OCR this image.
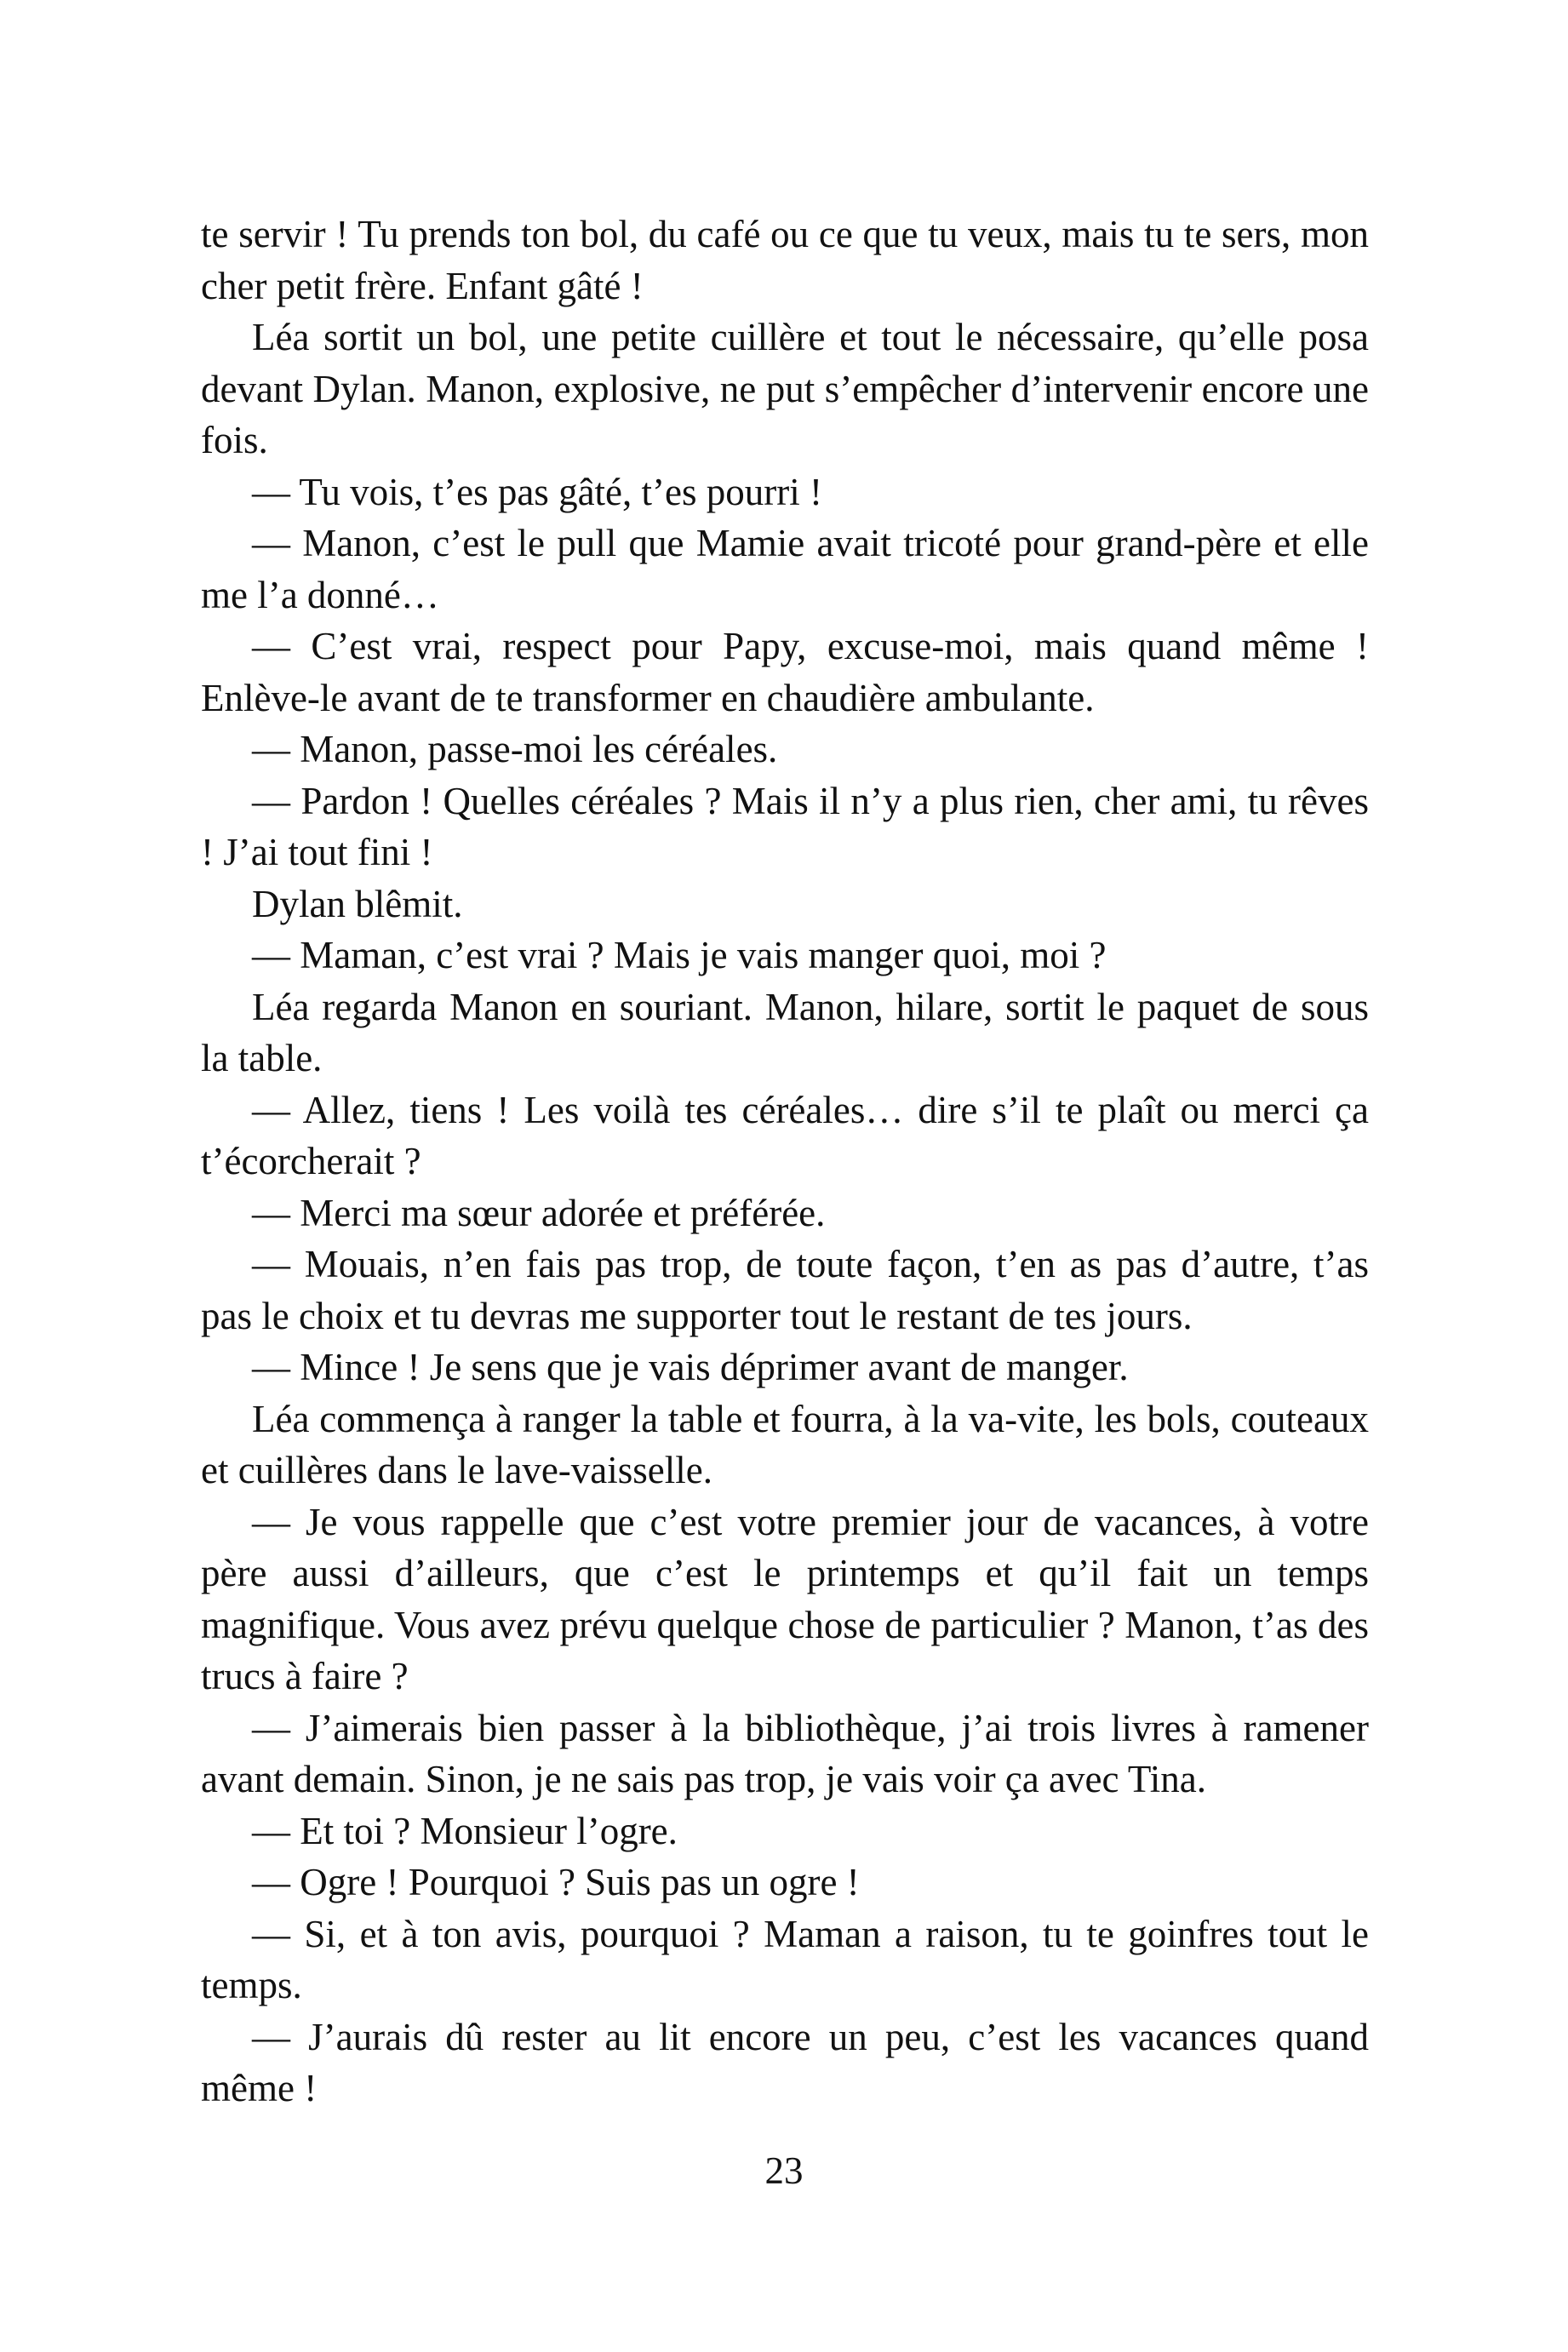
te servir ! Tu prends ton bol, du café ou ce que tu veux, mais tu te sers, mon cher petit frère. Enfant gâté !

Léa sortit un bol, une petite cuillère et tout le nécessaire, qu’elle posa devant Dylan. Manon, explosive, ne put s’empêcher d’intervenir encore une fois.

— Tu vois, t’es pas gâté, t’es pourri !

— Manon, c’est le pull que Mamie avait tricoté pour grand-père et elle me l’a donné…

— C’est vrai, respect pour Papy, excuse-moi, mais quand même ! Enlève-le avant de te transformer en chaudière ambulante.

— Manon, passe-moi les céréales.

— Pardon ! Quelles céréales ? Mais il n’y a plus rien, cher ami, tu rêves ! J’ai tout fini !

Dylan blêmit.

— Maman, c’est vrai ? Mais je vais manger quoi, moi ?

Léa regarda Manon en souriant. Manon, hilare, sortit le paquet de sous la table.

— Allez, tiens ! Les voilà tes céréales… dire s’il te plaît ou merci ça t’écorcherait ?

— Merci ma sœur adorée et préférée.

— Mouais, n’en fais pas trop, de toute façon, t’en as pas d’autre, t’as pas le choix et tu devras me supporter tout le restant de tes jours.

— Mince ! Je sens que je vais déprimer avant de manger.

Léa commença à ranger la table et fourra, à la va-vite, les bols, couteaux et cuillères dans le lave-vaisselle.

— Je vous rappelle que c’est votre premier jour de vacances, à votre père aussi d’ailleurs, que c’est le printemps et qu’il fait un temps magnifique. Vous avez prévu quelque chose de particulier ? Manon, t’as des trucs à faire ?

— J’aimerais bien passer à la bibliothèque, j’ai trois livres à ramener avant demain. Sinon, je ne sais pas trop, je vais voir ça avec Tina.

— Et toi ? Monsieur l’ogre.

— Ogre ! Pourquoi ? Suis pas un ogre !

— Si, et à ton avis, pourquoi ? Maman a raison, tu te goinfres tout le temps.

— J’aurais dû rester au lit encore un peu, c’est les vacances quand même !

23
